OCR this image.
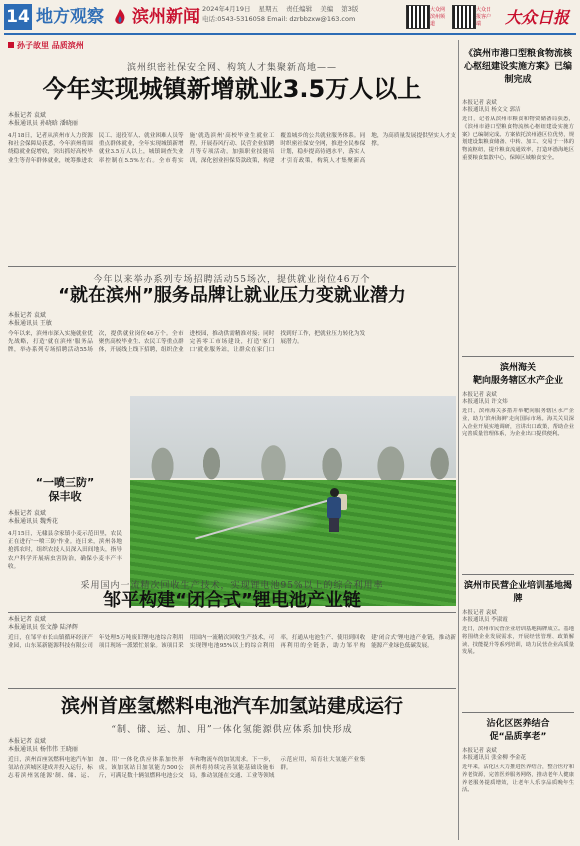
14 地方观察 滨州新闻 2024年4月19日 星期五 责任编辑 美编 第3版
电话:0543-5316058 Email: dzrbbzxw@163.com
大众网滨州频道
大众日报客户端	大众日报
孙子故里 品质滨州
滨州织密社保安全网、构筑人才集聚新高地——
今年实现城镇新增就业3.5万人以上
本报记者 袁斌
本报通讯员 孙晓晗 潘晓丽
4月18日，记者从滨州市人力资源和社会保障局获悉，今年滨州将围绕稳就业促增收，突出抓好高校毕业生等青年群体就业，统筹推进农民工、退役军人、就业困难人员等重点群体就业，全年实现城镇新增就业3.5万人以上，城镇调查失业率控制在5.5%左右。全市将实施'就选滨州'高校毕业生就业工程，开展春风行动、民营企业招聘月等专项活动，加强职业技能培训，深化创业担保贷款政策，构建覆盖城乡的公共就业服务体系。同时织密社保安全网，推进全民参保计划，稳步提高待遇水平，落实人才引育政策，构筑人才集聚新高地，为高质量发展提供坚实人才支撑。
今年以来举办系列专场招聘活动55场次，提供就业岗位46万个
“就在滨州”服务品牌让就业压力变就业潜力
本报记者 袁斌
本报通讯员 王敏
今年以来，滨州市深入实施就业优先战略，打造'就在滨州'服务品牌，举办系列专场招聘活动55场次，提供就业岗位46万个。全市聚焦高校毕业生、农民工等重点群体，开展线上线下招聘，组织企业进校园，推动供需精准对接；同时完善零工市场建设，打造'家门口'就业服务站，让群众在家门口找到好工作，把就业压力转化为发展潜力。
“一喷三防”
保丰收
本报记者 袁斌
本报通讯员 魏秀花
4月15日，无棣县佘家镇小麦示范田里，农民正在进行'一喷三防'作业。连日来，滨州各地抢抓农时，组织农技人员深入田间地头，指导农户科学开展病虫害防治，确保小麦丰产丰收。
采用国内一流精次回收生产技术，实现锂电池95%以上的综合利用率
邹平构建“闭合式”锂电池产业链
本报记者 袁斌
本报通讯员 张文静 陆泽辉
近日，在邹平市长山镇循环经济产业园，山东某新能源科技有限公司年处理5万吨废旧锂电池综合利用项目现场一派繁忙景象。该项目采用国内一流精次回收生产技术，可实现锂电池95%以上的综合利用率，打通从电池生产、使用到回收再利用的全链条，助力邹平构建'闭合式'锂电池产业链，推动新能源产业绿色低碳发展。
滨州首座氢燃料电池汽车加氢站建成运行
“制、储、运、加、用”一体化氢能源供应体系加快形成
本报记者 袁斌
本报通讯员 杨伟伟 王晓丽
近日，滨州首座氢燃料电池汽车加氢站在滨城区建成并投入运行，标志着滨州氢能源'制、储、运、加、用'一体化供应体系加快形成。该加氢站日加氢能力500公斤，可满足数十辆氢燃料电池公交车和物流车的加氢需求。下一步，滨州将持续完善氢能基础设施布局，推动氢能在交通、工业等领域示范应用，培育壮大氢能产业集群。
《滨州市港口型粮食物流核心枢纽建设实施方案》已编制完成
本报记者 袁斌
本报通讯员 杨文文 郭洁
近日，记者从滨州市粮食和物资储备局获悉，《滨州市港口型粮食物流核心枢纽建设实施方案》已编制完成。方案依托滨州港区位优势，规划建设集粮食储备、中转、加工、交易于一体的物流枢纽，提升粮食流通效率，打造环渤海地区重要粮食集散中心，保障区域粮食安全。
滨州海关
靶向服务辖区水产企业
本报记者 袁斌
本报通讯员 许文炜
近日，滨州海关多措并举靶向服务辖区水产企业，助力'滨州海鲜'走向国际市场。海关关员深入企业开展实地调研，宣讲出口政策，帮助企业完善质量管理体系，为企业出口提供便利。
滨州市民营企业培训基地揭牌
本报记者 袁斌
本报通讯员 李淑霞
近日，滨州市民营企业培训基地揭牌成立。基地将围绕企业发展需求，开展经营管理、政策解读、技能提升等系列培训，助力民营企业高质量发展。
沾化区医养结合
促“品质享老”
本报记者 袁斌
本报通讯员 张金柳 李金花
近年来，沾化区大力推进医养结合，整合医疗和养老资源，完善医养服务网络，推动老年人健康养老服务提质增效，让老年人乐享品质晚年生活。
